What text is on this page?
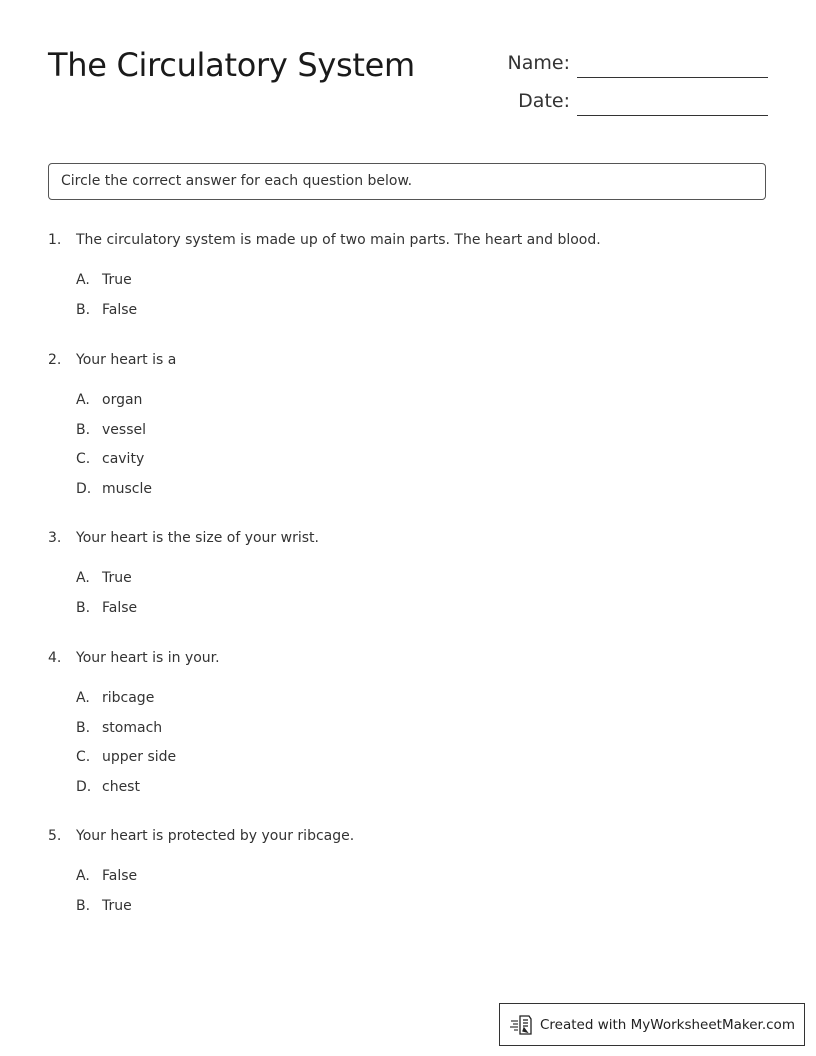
The Circulatory System	Name:
Date:
Circle the correct answer for each question below.
1.	The circulatory system is made up of two main parts. The heart and blood.
A. True
B. False
2.	Your heart is a
A. organ
B. vessel
C. cavity
D. muscle
3.	Your heart is the size of your wrist.
A. True
B. False
4.	Your heart is in your.
A. ribcage
B. stomach
C. upper side
D. chest
5.	Your heart is protected by your ribcage.
A. False
B. True
Created with MyWorksheetMaker.com
